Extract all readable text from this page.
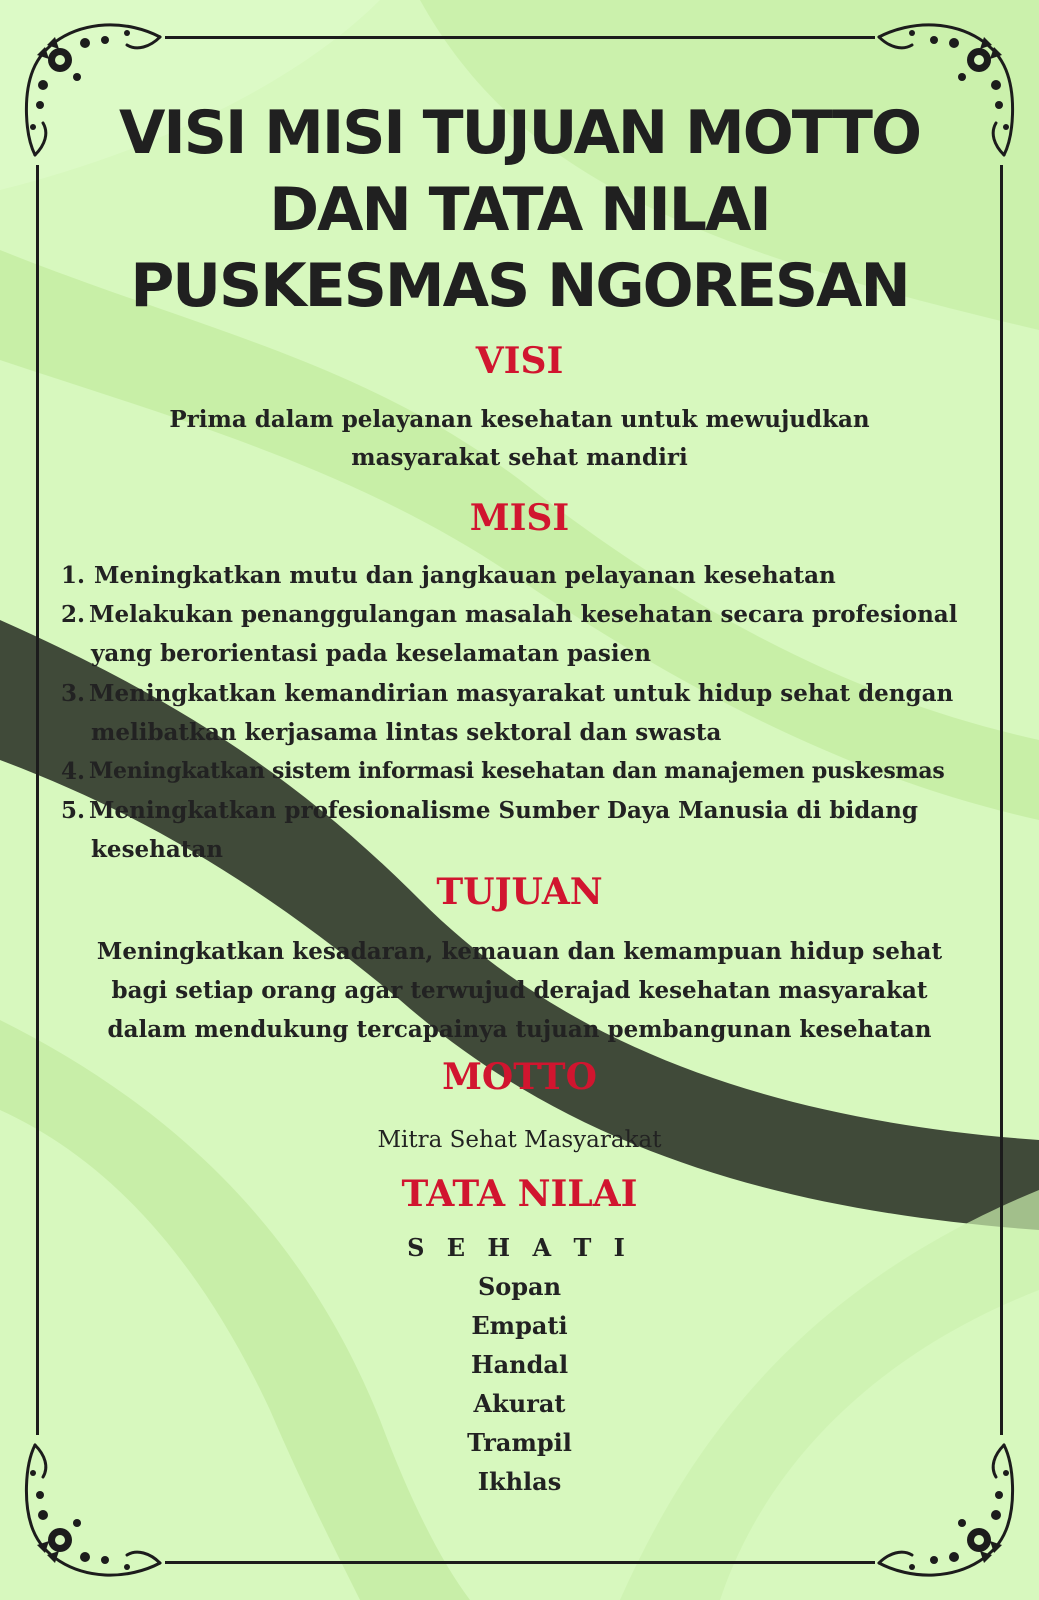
VISI MISI TUJUAN MOTTO
DAN TATA NILAI
PUSKESMAS NGORESAN
VISI

Prima dalam pelayanan kesehatan untuk mewujudkan

masyarakat sehat mandiri

MISI
1. Meningkatkan mutu dan jangkauan pelayanan kesehatan
2. Melakukan penanggulangan masalah kesehatan secara profesional
yang berorientasi pada keselamatan pasien
3. Meningkatkan kemandirian masyarakat untuk hidup sehat dengan
melibatkan kerjasama lintas sektoral dan swasta
4. Meningkatkan sistem informasi kesehatan dan manajemen puskesmas
5. Meningkatkan profesionalisme Sumber Daya Manusia di bidang
kesehatan
TUJUAN

Meningkatkan kesadaran, kemauan dan kemampuan hidup sehat

bagi setiap orang agar terwujud derajad kesehatan masyarakat

dalam mendukung tercapainya tujuan pembangunan kesehatan

MOTTO

Mitra Sehat Masyarakat

TATA NILAI

S E H A T I

Sopan

Empati

Handal

Akurat

Trampil

Ikhlas
